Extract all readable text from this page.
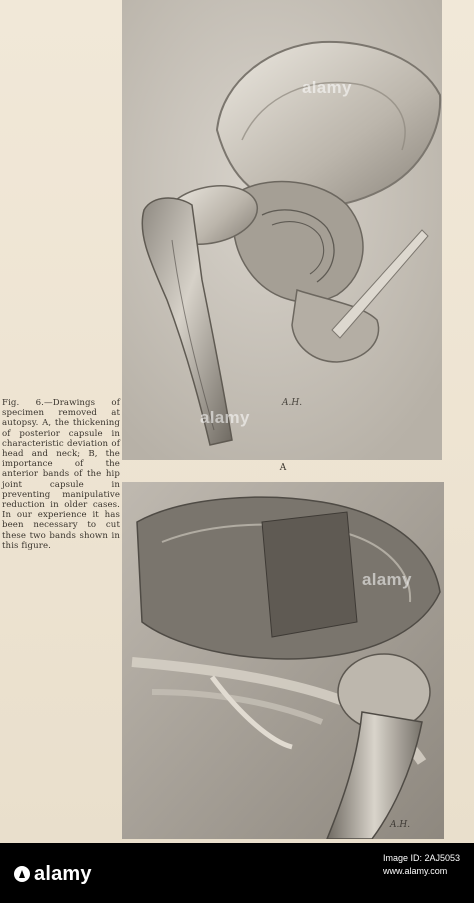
A.H.
alamy
alamy
A
A.H.
alamy
Fig. 6.—Drawings of specimen removed at autopsy. A, the thickening of posterior capsule in characteristic deviation of head and neck; B, the importance of the anterior bands of the hip joint capsule in preventing manipulative reduction in older cases. In our experience it has been necessary to cut these two bands shown in this figure.
alamy
Image ID: 2AJ5053
www.alamy.com
